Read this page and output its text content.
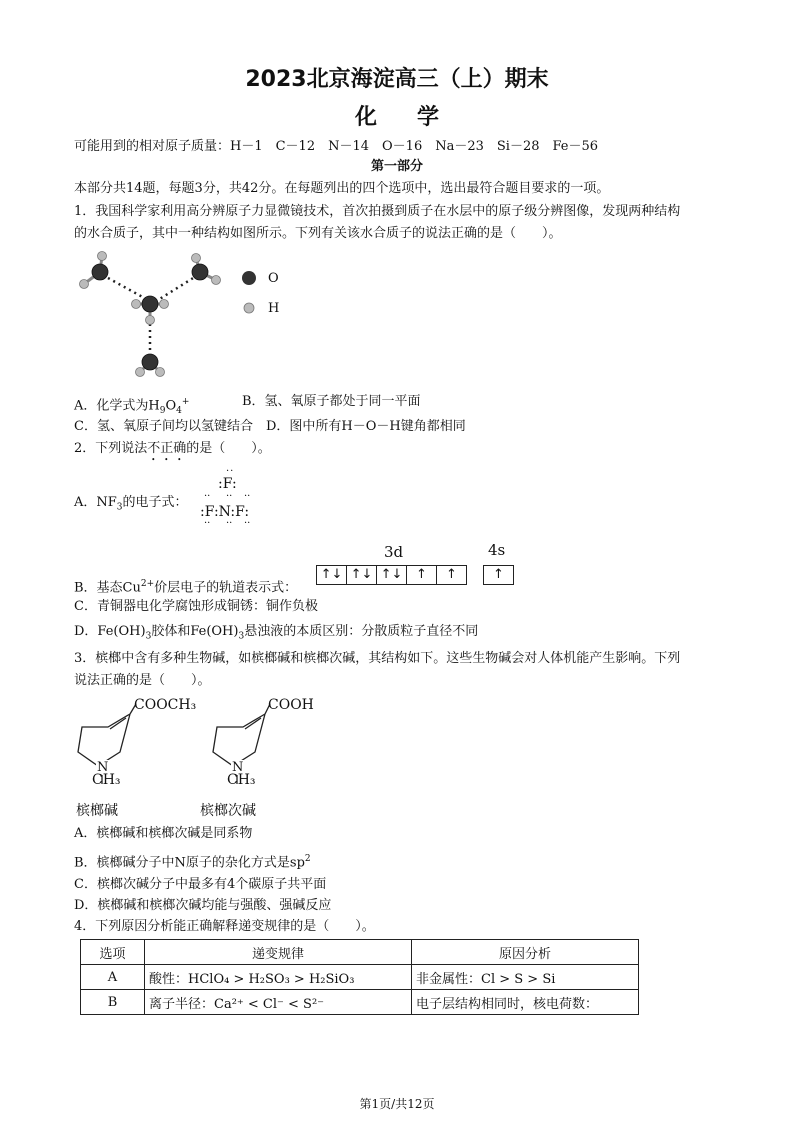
2023北京海淀高三（上）期末
化 学
可能用到的相对原子质量：H－1　C－12　N－14　O－16　Na－23　Si－28　Fe－56
第一部分
本部分共14题，每题3分，共42分。在每题列出的四个选项中，选出最符合题目要求的一项。
1．我国科学家利用高分辨原子力显微镜技术，首次拍摄到质子在水层中的原子级分辨图像，发现两种结构
的水合质子，其中一种结构如图所示。下列有关该水合质子的说法正确的是（　　）。
O
H
A．化学式为$H_9O_4^+$	B．氢、氧原子都处于同一平面
C．氢、氧原子间均以氢键结合 D．图中所有H－O－H键角都相同
2．下列说法不正确的是（　　）。
A．$NF_3$的电子式：
··
:F:
·· ·· ··
:F:N:F:
·· ·· ··
3d	4s
↑↓ ↑↓ ↑↓	↑	↑	↑
B．基态$Cu^{2+}$价层电子的轨道表示式：
C．青铜器电化学腐蚀形成铜锈：铜作负极
D．$Fe(OH)_3$胶体和$Fe(OH)_3$悬浊液的本质区别：分散质粒子直径不同
3．槟榔中含有多种生物碱，如槟榔碱和槟榔次碱，其结构如下。这些生物碱会对人体机能产生影响。下列
说法正确的是（　　）。
COOCH₃
N
CH₃
槟榔碱
COOH
N
CH₃
槟榔次碱
A．槟榔碱和槟榔次碱是同系物
B．槟榔碱分子中N原子的杂化方式是$sp^2$
C．槟榔次碱分子中最多有4个碳原子共平面
D．槟榔碱和槟榔次碱均能与强酸、强碱反应
4．下列原因分析能正确解释递变规律的是（　　）。
选项	递变规律	原因分析
A	酸性：HClO₄ > H₂SO₃ > H₂SiO₃	非金属性：Cl > S > Si
B	离子半径：Ca²⁺ < Cl⁻ < S²⁻	电子层结构相同时，核电荷数：
第1页/共12页
